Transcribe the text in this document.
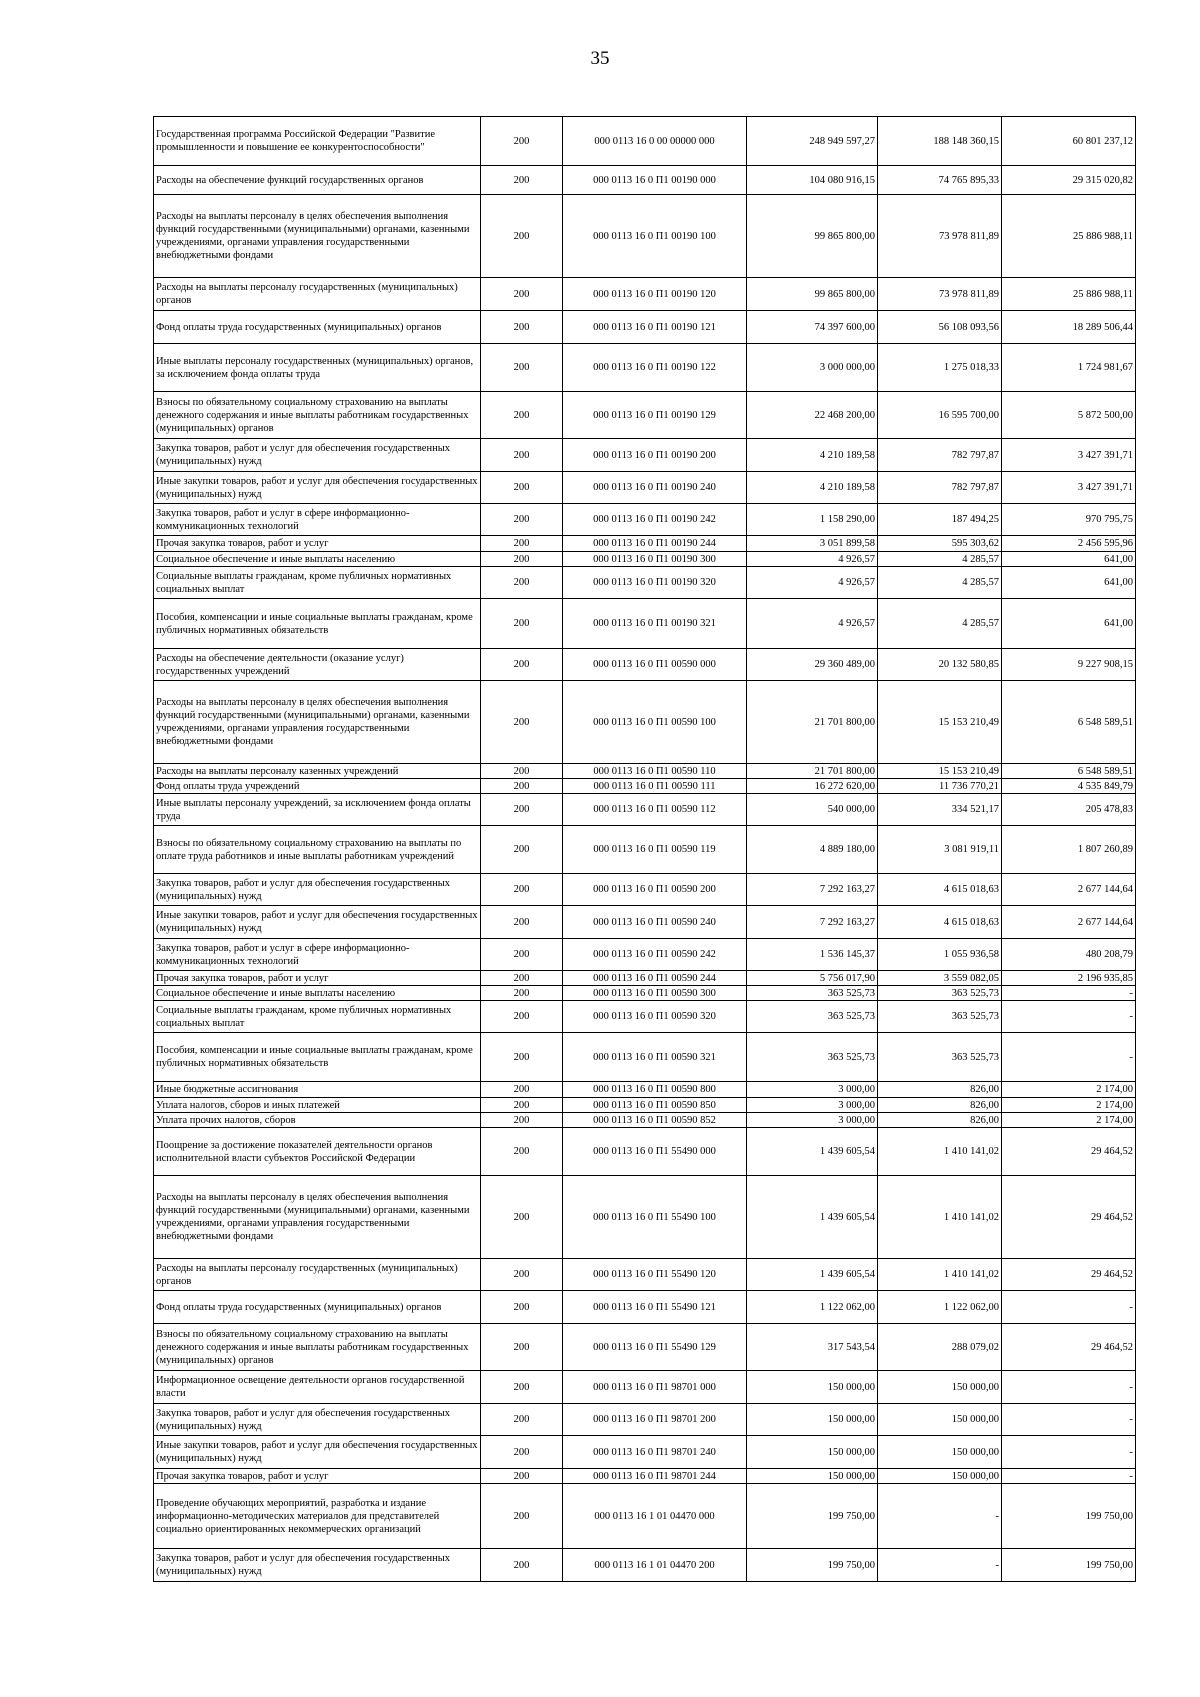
35
Государственная программа Российской Федерации "Развитие промышленности и повышение ее конкурентоспособности"	200	000 0113 16 0 00 00000 000	248 949 597,27	188 148 360,15	60 801 237,12
Расходы на обеспечение функций государственных органов	200	000 0113 16 0 П1 00190 000	104 080 916,15	74 765 895,33	29 315 020,82
Расходы на выплаты персоналу в целях обеспечения выполнения функций государственными (муниципальными) органами, казенными учреждениями, органами управления государственными внебюджетными фондами	200	000 0113 16 0 П1 00190 100	99 865 800,00	73 978 811,89	25 886 988,11
Расходы на выплаты персоналу государственных (муниципальных) органов	200	000 0113 16 0 П1 00190 120	99 865 800,00	73 978 811,89	25 886 988,11
Фонд оплаты труда государственных (муниципальных) органов	200	000 0113 16 0 П1 00190 121	74 397 600,00	56 108 093,56	18 289 506,44
Иные выплаты персоналу государственных (муниципальных) органов, за исключением фонда оплаты труда	200	000 0113 16 0 П1 00190 122	3 000 000,00	1 275 018,33	1 724 981,67
Взносы по обязательному социальному страхованию на выплаты денежного содержания и иные выплаты работникам государственных (муниципальных) органов	200	000 0113 16 0 П1 00190 129	22 468 200,00	16 595 700,00	5 872 500,00
Закупка товаров, работ и услуг для обеспечения государственных (муниципальных) нужд	200	000 0113 16 0 П1 00190 200	4 210 189,58	782 797,87	3 427 391,71
Иные закупки товаров, работ и услуг для обеспечения государственных (муниципальных) нужд	200	000 0113 16 0 П1 00190 240	4 210 189,58	782 797,87	3 427 391,71
Закупка товаров, работ и услуг в сфере информационно-коммуникационных технологий	200	000 0113 16 0 П1 00190 242	1 158 290,00	187 494,25	970 795,75
Прочая закупка товаров, работ и услуг	200	000 0113 16 0 П1 00190 244	3 051 899,58	595 303,62	2 456 595,96
Социальное обеспечение и иные выплаты населению	200	000 0113 16 0 П1 00190 300	4 926,57	4 285,57	641,00
Социальные выплаты гражданам, кроме публичных нормативных социальных выплат	200	000 0113 16 0 П1 00190 320	4 926,57	4 285,57	641,00
Пособия, компенсации и иные социальные выплаты гражданам, кроме публичных нормативных обязательств	200	000 0113 16 0 П1 00190 321	4 926,57	4 285,57	641,00
Расходы на обеспечение деятельности (оказание услуг) государственных учреждений	200	000 0113 16 0 П1 00590 000	29 360 489,00	20 132 580,85	9 227 908,15
Расходы на выплаты персоналу в целях обеспечения выполнения функций государственными (муниципальными) органами, казенными учреждениями, органами управления государственными внебюджетными фондами	200	000 0113 16 0 П1 00590 100	21 701 800,00	15 153 210,49	6 548 589,51
Расходы на выплаты персоналу казенных учреждений	200	000 0113 16 0 П1 00590 110	21 701 800,00	15 153 210,49	6 548 589,51
Фонд оплаты труда учреждений	200	000 0113 16 0 П1 00590 111	16 272 620,00	11 736 770,21	4 535 849,79
Иные выплаты персоналу учреждений, за исключением фонда оплаты труда	200	000 0113 16 0 П1 00590 112	540 000,00	334 521,17	205 478,83
Взносы по обязательному социальному страхованию на выплаты по оплате труда работников и иные выплаты работникам учреждений	200	000 0113 16 0 П1 00590 119	4 889 180,00	3 081 919,11	1 807 260,89
Закупка товаров, работ и услуг для обеспечения государственных (муниципальных) нужд	200	000 0113 16 0 П1 00590 200	7 292 163,27	4 615 018,63	2 677 144,64
Иные закупки товаров, работ и услуг для обеспечения государственных (муниципальных) нужд	200	000 0113 16 0 П1 00590 240	7 292 163,27	4 615 018,63	2 677 144,64
Закупка товаров, работ и услуг в сфере информационно-коммуникационных технологий	200	000 0113 16 0 П1 00590 242	1 536 145,37	1 055 936,58	480 208,79
Прочая закупка товаров, работ и услуг	200	000 0113 16 0 П1 00590 244	5 756 017,90	3 559 082,05	2 196 935,85
Социальное обеспечение и иные выплаты населению	200	000 0113 16 0 П1 00590 300	363 525,73	363 525,73	-
Социальные выплаты гражданам, кроме публичных нормативных социальных выплат	200	000 0113 16 0 П1 00590 320	363 525,73	363 525,73	-
Пособия, компенсации и иные социальные выплаты гражданам, кроме публичных нормативных обязательств	200	000 0113 16 0 П1 00590 321	363 525,73	363 525,73	-
Иные бюджетные ассигнования	200	000 0113 16 0 П1 00590 800	3 000,00	826,00	2 174,00
Уплата налогов, сборов и иных платежей	200	000 0113 16 0 П1 00590 850	3 000,00	826,00	2 174,00
Уплата прочих налогов, сборов	200	000 0113 16 0 П1 00590 852	3 000,00	826,00	2 174,00
Поощрение за достижение показателей деятельности органов исполнительной власти субъектов Российской Федерации	200	000 0113 16 0 П1 55490 000	1 439 605,54	1 410 141,02	29 464,52
Расходы на выплаты персоналу в целях обеспечения выполнения функций государственными (муниципальными) органами, казенными учреждениями, органами управления государственными внебюджетными фондами	200	000 0113 16 0 П1 55490 100	1 439 605,54	1 410 141,02	29 464,52
Расходы на выплаты персоналу государственных (муниципальных) органов	200	000 0113 16 0 П1 55490 120	1 439 605,54	1 410 141,02	29 464,52
Фонд оплаты труда государственных (муниципальных) органов	200	000 0113 16 0 П1 55490 121	1 122 062,00	1 122 062,00	-
Взносы по обязательному социальному страхованию на выплаты денежного содержания и иные выплаты работникам государственных (муниципальных) органов	200	000 0113 16 0 П1 55490 129	317 543,54	288 079,02	29 464,52
Информационное освещение деятельности органов государственной власти	200	000 0113 16 0 П1 98701 000	150 000,00	150 000,00	-
Закупка товаров, работ и услуг для обеспечения государственных (муниципальных) нужд	200	000 0113 16 0 П1 98701 200	150 000,00	150 000,00	-
Иные закупки товаров, работ и услуг для обеспечения государственных (муниципальных) нужд	200	000 0113 16 0 П1 98701 240	150 000,00	150 000,00	-
Прочая закупка товаров, работ и услуг	200	000 0113 16 0 П1 98701 244	150 000,00	150 000,00	-
Проведение обучающих мероприятий, разработка и издание информационно-методических материалов для представителей социально ориентированных некоммерческих организаций	200	000 0113 16 1 01 04470 000	199 750,00	-	199 750,00
Закупка товаров, работ и услуг для обеспечения государственных (муниципальных) нужд	200	000 0113 16 1 01 04470 200	199 750,00	-	199 750,00
